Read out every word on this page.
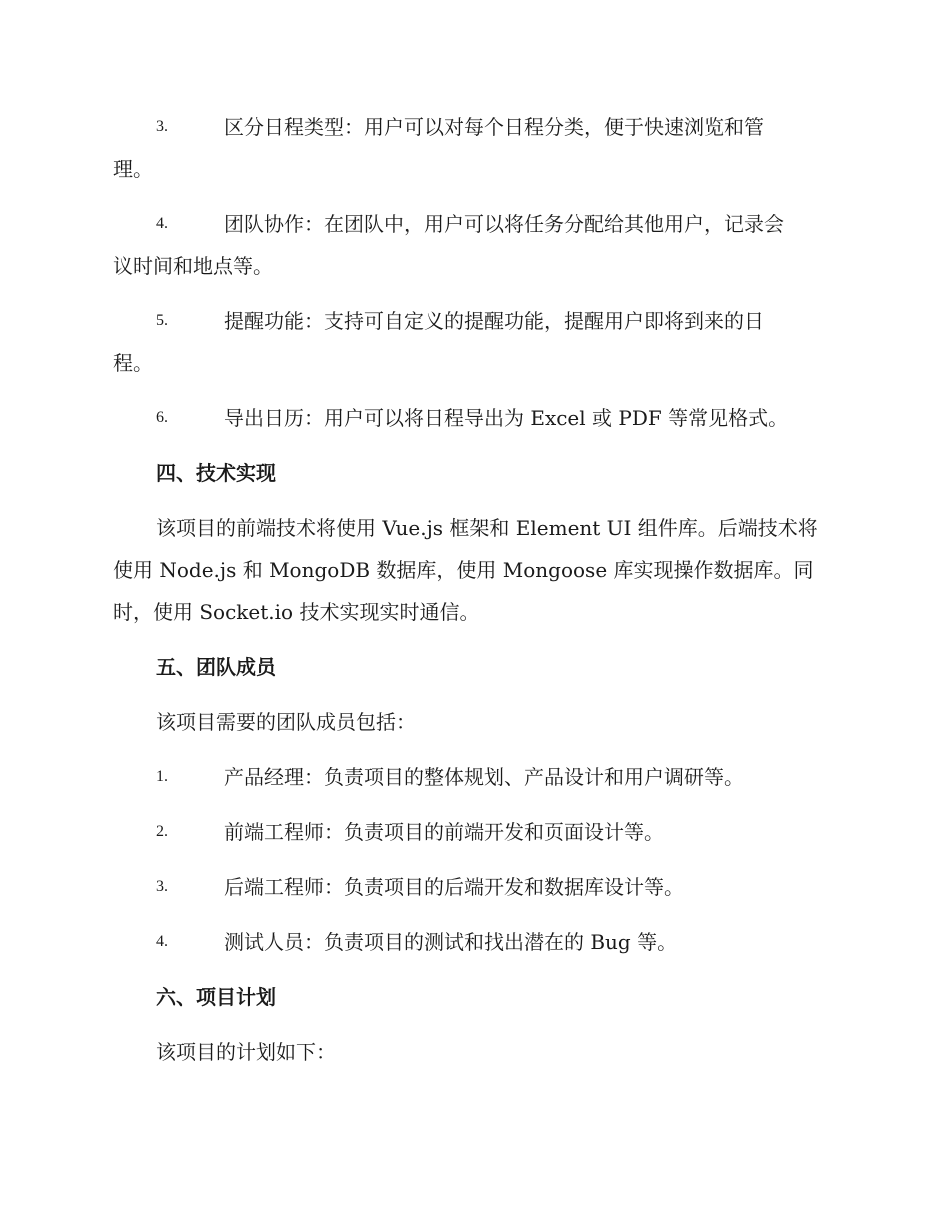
3.	区分日程类型：用户可以对每个日程分类，便于快速浏览和管
理。
4.	团队协作：在团队中，用户可以将任务分配给其他用户，记录会
议时间和地点等。
5.	提醒功能：支持可自定义的提醒功能，提醒用户即将到来的日
程。
6.	导出日历：用户可以将日程导出为 Excel 或 PDF 等常见格式。
四、技术实现
该项目的前端技术将使用 Vue.js 框架和 Element UI 组件库。后端技术将
使用 Node.js 和 MongoDB 数据库，使用 Mongoose 库实现操作数据库。同
时，使用 Socket.io 技术实现实时通信。
五、团队成员
该项目需要的团队成员包括：
1.	产品经理：负责项目的整体规划、产品设计和用户调研等。
2.	前端工程师：负责项目的前端开发和页面设计等。
3.	后端工程师：负责项目的后端开发和数据库设计等。
4.	测试人员：负责项目的测试和找出潜在的 Bug 等。
六、项目计划
该项目的计划如下：
